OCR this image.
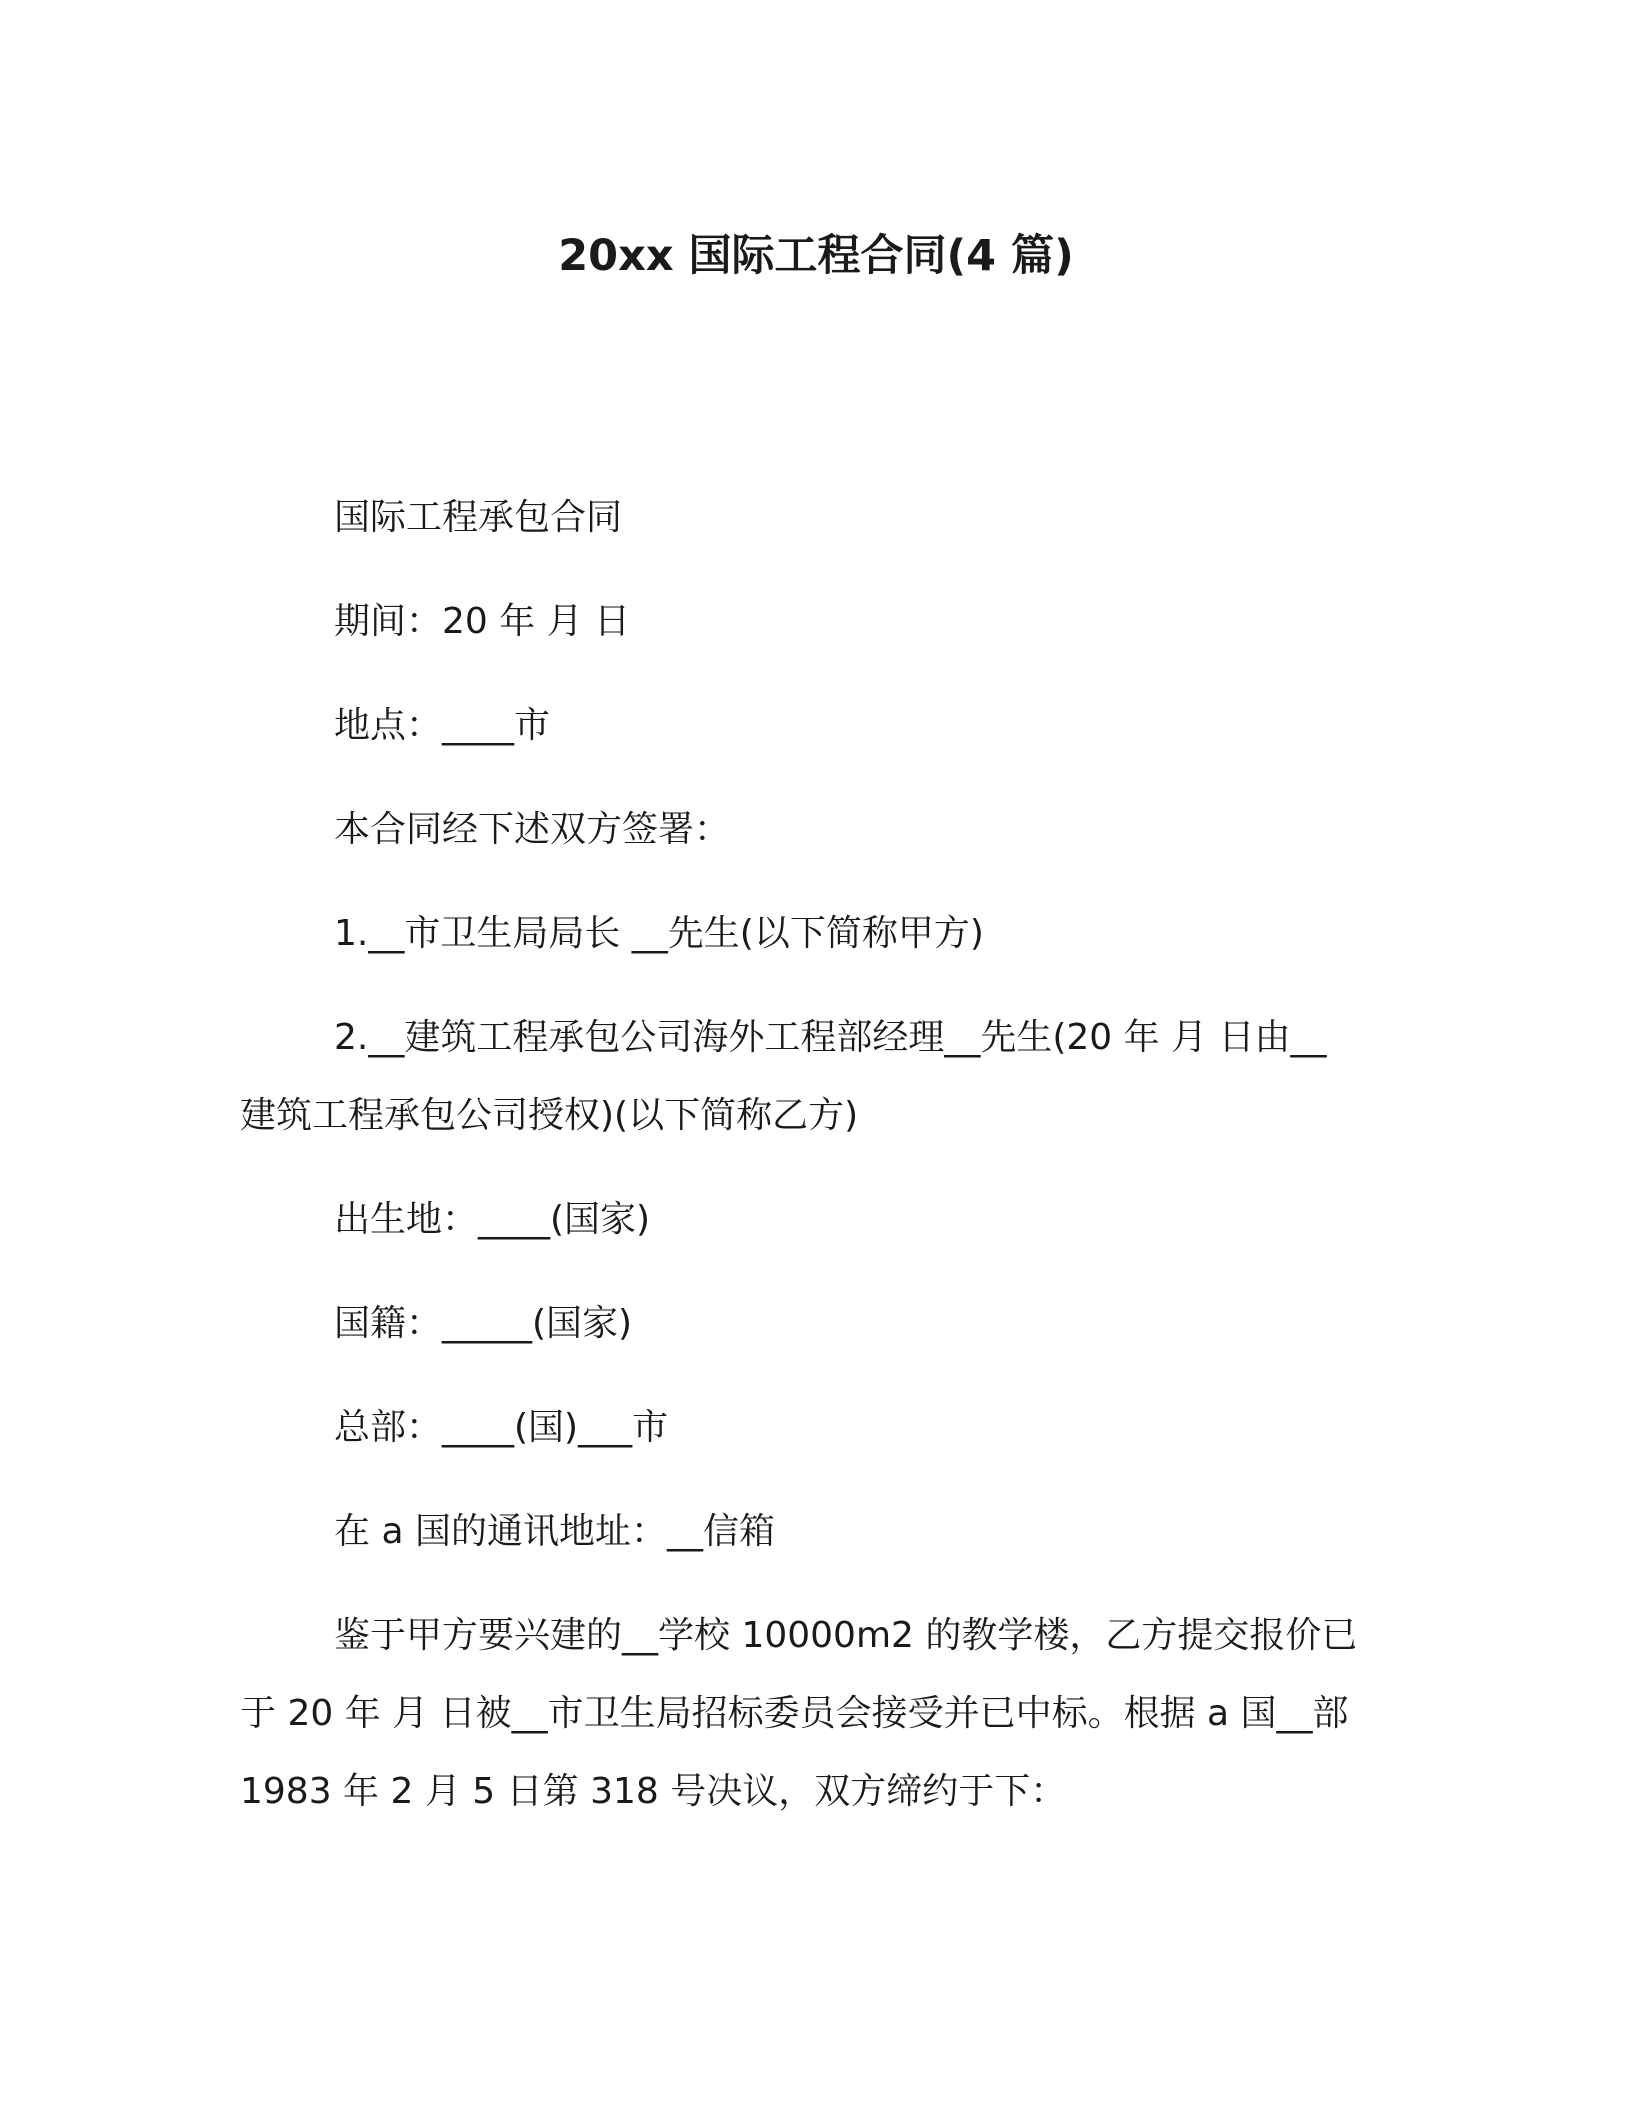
20xx 国际工程合同(4 篇)

国际工程承包合同

期间：20 年 月 日

地点：____市

本合同经下述双方签署：

1.__市卫生局局长 __先生(以下简称甲方)

2.__建筑工程承包公司海外工程部经理__先生(20 年 月 日由__

建筑工程承包公司授权)(以下简称乙方)

出生地：____(国家)

国籍：_____(国家)

总部：____(国)___市

在 a 国的通讯地址：__信箱

鉴于甲方要兴建的__学校 10000m2 的教学楼，乙方提交报价已

于 20 年 月 日被__市卫生局招标委员会接受并已中标。根据 a 国__部

1983 年 2 月 5 日第 318 号决议，双方缔约于下：
